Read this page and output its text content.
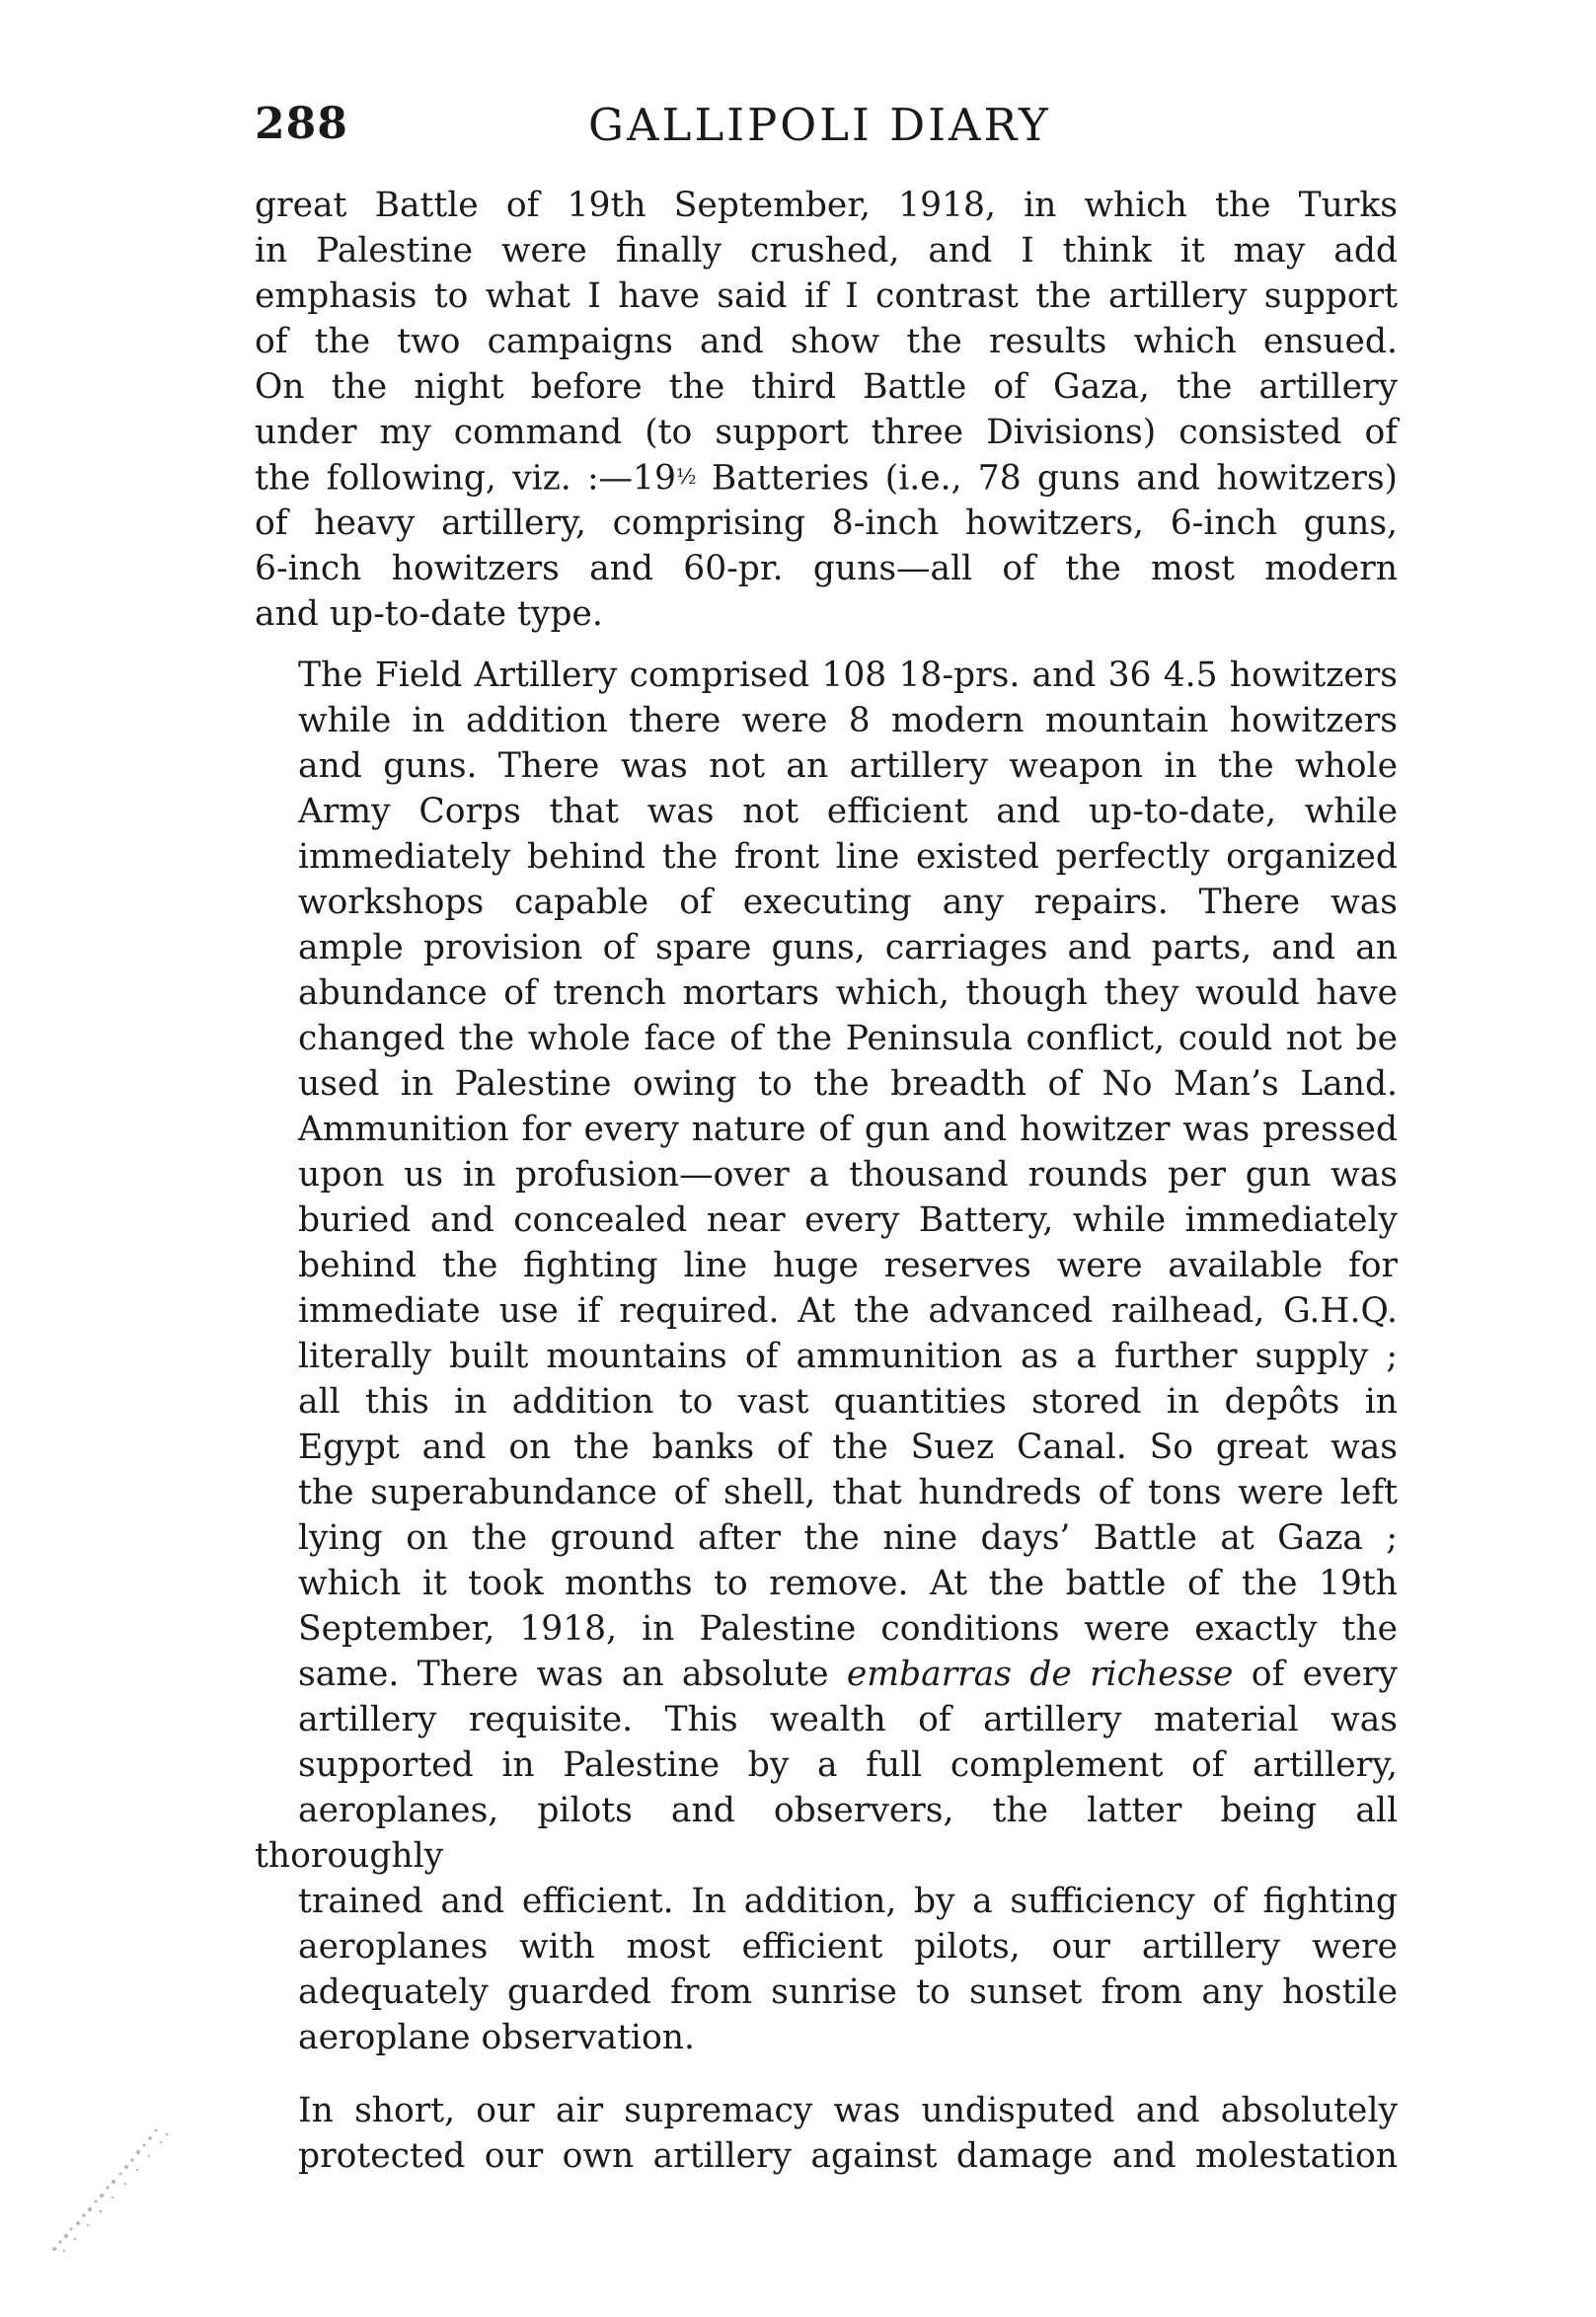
288	GALLIPOLI DIARY

great Battle of 19th September, 1918, in which the Turks
in Palestine were finally crushed, and I think it may add
emphasis to what I have said if I contrast the artillery support
of the two campaigns and show the results which ensued.
On the night before the third Battle of Gaza, the artillery
under my command (to support three Divisions) consisted of
the following, viz. :—19½ Batteries (i.e., 78 guns and howitzers)
of heavy artillery, comprising 8-inch howitzers, 6-inch guns,
6-inch howitzers and 60-pr. guns—all of the most modern
and up-to-date type.

The Field Artillery comprised 108 18-prs. and 36 4.5 howitzers
while in addition there were 8 modern mountain howitzers
and guns. There was not an artillery weapon in the whole
Army Corps that was not efficient and up-to-date, while
immediately behind the front line existed perfectly organized
workshops capable of executing any repairs. There was
ample provision of spare guns, carriages and parts, and an
abundance of trench mortars which, though they would have
changed the whole face of the Peninsula conflict, could not be
used in Palestine owing to the breadth of No Man’s Land.
Ammunition for every nature of gun and howitzer was pressed
upon us in profusion—over a thousand rounds per gun was
buried and concealed near every Battery, while immediately
behind the fighting line huge reserves were available for
immediate use if required. At the advanced railhead, G.H.Q.
literally built mountains of ammunition as a further supply ;
all this in addition to vast quantities stored in depôts in
Egypt and on the banks of the Suez Canal. So great was
the superabundance of shell, that hundreds of tons were left
lying on the ground after the nine days’ Battle at Gaza ;
which it took months to remove. At the battle of the 19th
September, 1918, in Palestine conditions were exactly the
same. There was an absolute embarras de richesse of every
artillery requisite. This wealth of artillery material was
supported in Palestine by a full complement of artillery,
aeroplanes, pilots and observers, the latter being all thoroughly
trained and efficient. In addition, by a sufficiency of fighting
aeroplanes with most efficient pilots, our artillery were
adequately guarded from sunrise to sunset from any hostile
aeroplane observation.

In short, our air supremacy was undisputed and absolutely
protected our own artillery against damage and molestation
